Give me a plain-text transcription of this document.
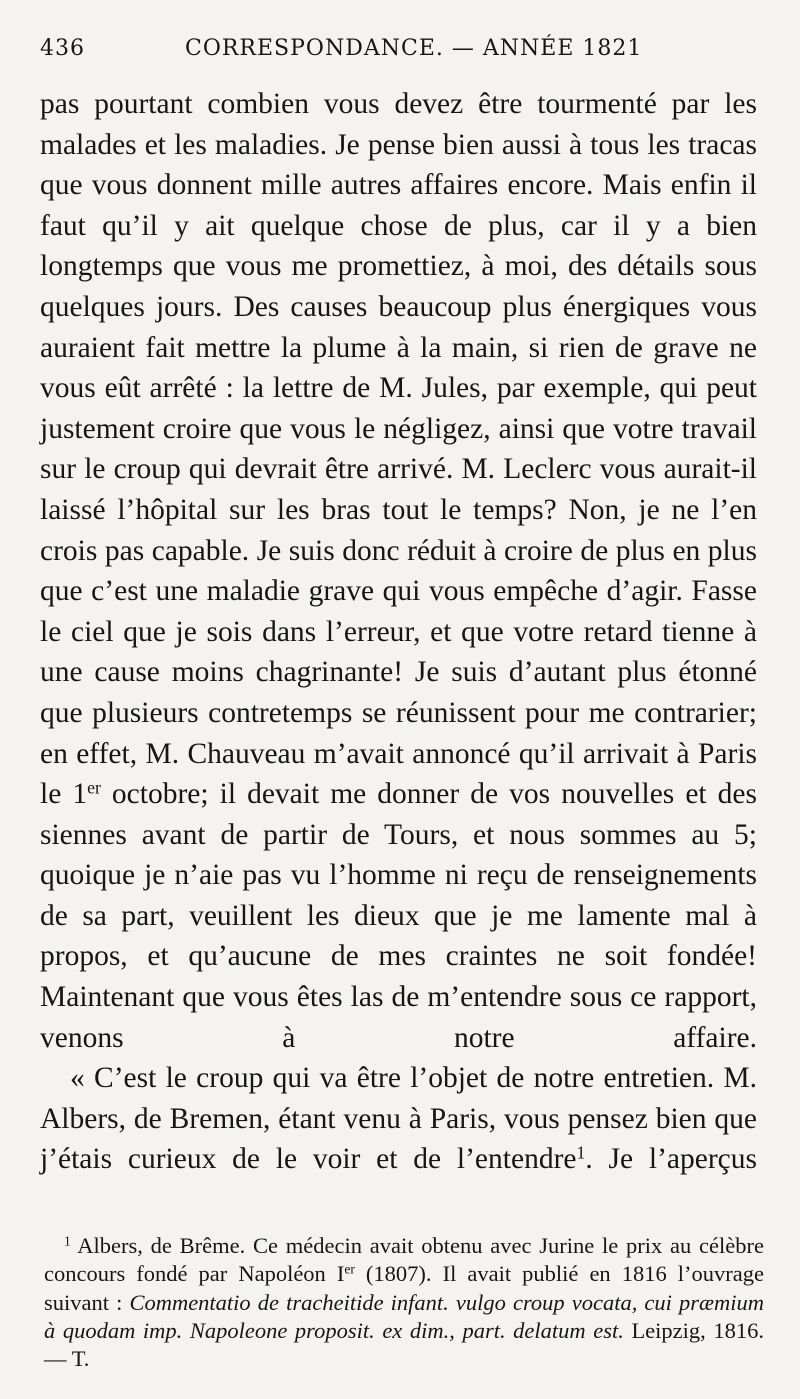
436	CORRESPONDANCE. — ANNÉE 1821

pas pourtant combien vous devez être tourmenté par les malades et les maladies. Je pense bien aussi à tous les tracas que vous donnent mille autres affaires encore. Mais enfin il faut qu’il y ait quelque chose de plus, car il y a bien longtemps que vous me promettiez, à moi, des détails sous quelques jours. Des causes beaucoup plus énergiques vous auraient fait mettre la plume à la main, si rien de grave ne vous eût arrêté : la lettre de M. Jules, par exemple, qui peut justement croire que vous le négligez, ainsi que votre travail sur le croup qui devrait être arrivé. M. Leclerc vous aurait-il laissé l’hôpital sur les bras tout le temps? Non, je ne l’en crois pas capable. Je suis donc réduit à croire de plus en plus que c’est une maladie grave qui vous empêche d’agir. Fasse le ciel que je sois dans l’erreur, et que votre retard tienne à une cause moins chagrinante! Je suis d’autant plus étonné que plusieurs contretemps se réunissent pour me contrarier; en effet, M. Chauveau m’avait annoncé qu’il arrivait à Paris le 1er octobre; il devait me donner de vos nouvelles et des siennes avant de partir de Tours, et nous sommes au 5; quoique je n’aie pas vu l’homme ni reçu de renseignements de sa part, veuillent les dieux que je me lamente mal à propos, et qu’aucune de mes craintes ne soit fondée! Maintenant que vous êtes las de m’entendre sous ce rapport, venons à notre affaire.

« C’est le croup qui va être l’objet de notre entretien. M. Albers, de Bremen, étant venu à Paris, vous pensez bien que j’étais curieux de le voir et de l’entendre$^1$. Je l’aperçus

$^1$ Albers, de Brême. Ce médecin avait obtenu avec Jurine le prix au célèbre concours fondé par Napoléon Ier (1807). Il avait publié en 1816 l’ouvrage suivant : Commentatio de tracheitide infant. vulgo croup vocata, cui præmium à quodam imp. Napoleone proposit. ex dim., part. delatum est. Leipzig, 1816. — T.
